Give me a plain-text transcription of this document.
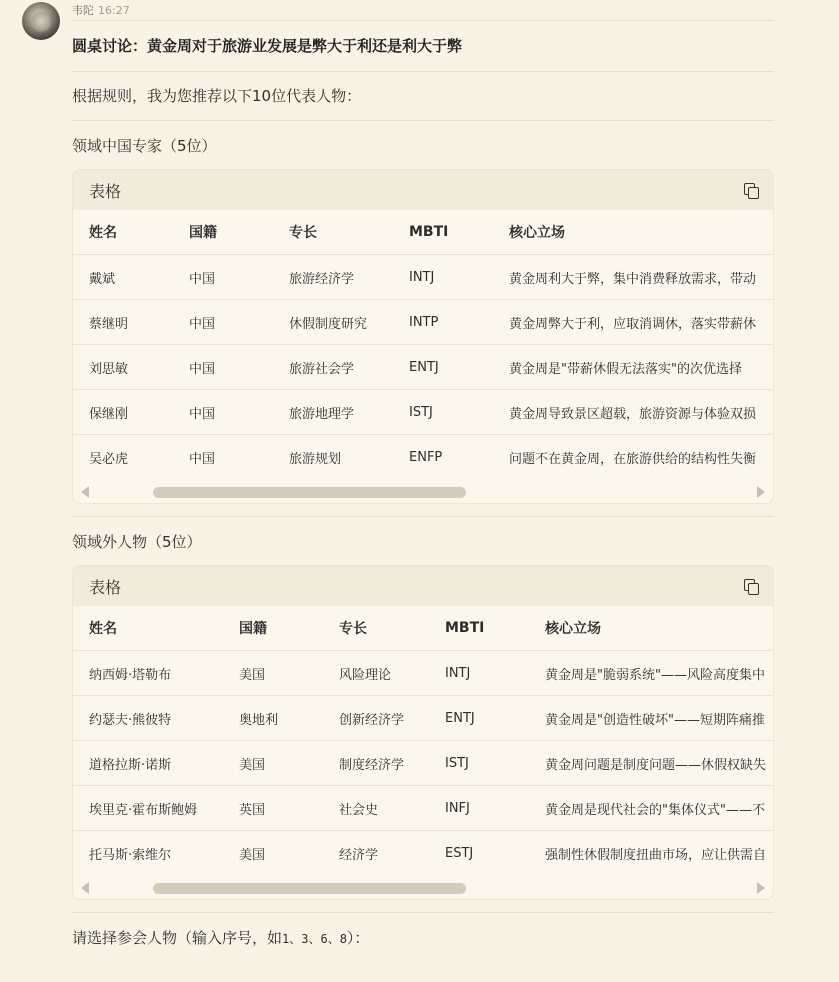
韦陀 16:27
圆桌讨论：黄金周对于旅游业发展是弊大于利还是利大于弊
根据规则，我为您推荐以下10位代表人物：
领域中国专家（5位）
表格
姓名	国籍	专长	MBTI	核心立场
戴斌	中国	旅游经济学	INTJ	黄金周利大于弊，集中消费释放需求，带动
蔡继明	中国	休假制度研究	INTP	黄金周弊大于利，应取消调休，落实带薪休
刘思敏	中国	旅游社会学	ENTJ	黄金周是"带薪休假无法落实"的次优选择
保继刚	中国	旅游地理学	ISTJ	黄金周导致景区超载，旅游资源与体验双损
吴必虎	中国	旅游规划	ENFP	问题不在黄金周，在旅游供给的结构性失衡
领域外人物（5位）
表格
姓名	国籍	专长	MBTI	核心立场
纳西姆·塔勒布	美国	风险理论	INTJ	黄金周是"脆弱系统"——风险高度集中
约瑟夫·熊彼特	奥地利	创新经济学	ENTJ	黄金周是"创造性破坏"——短期阵痛推
道格拉斯·诺斯	美国	制度经济学	ISTJ	黄金周问题是制度问题——休假权缺失
埃里克·霍布斯鲍姆	英国	社会史	INFJ	黄金周是现代社会的"集体仪式"——不
托马斯·索维尔	美国	经济学	ESTJ	强制性休假制度扭曲市场，应让供需自
请选择参会人物（输入序号，如1、3、6、8）：
